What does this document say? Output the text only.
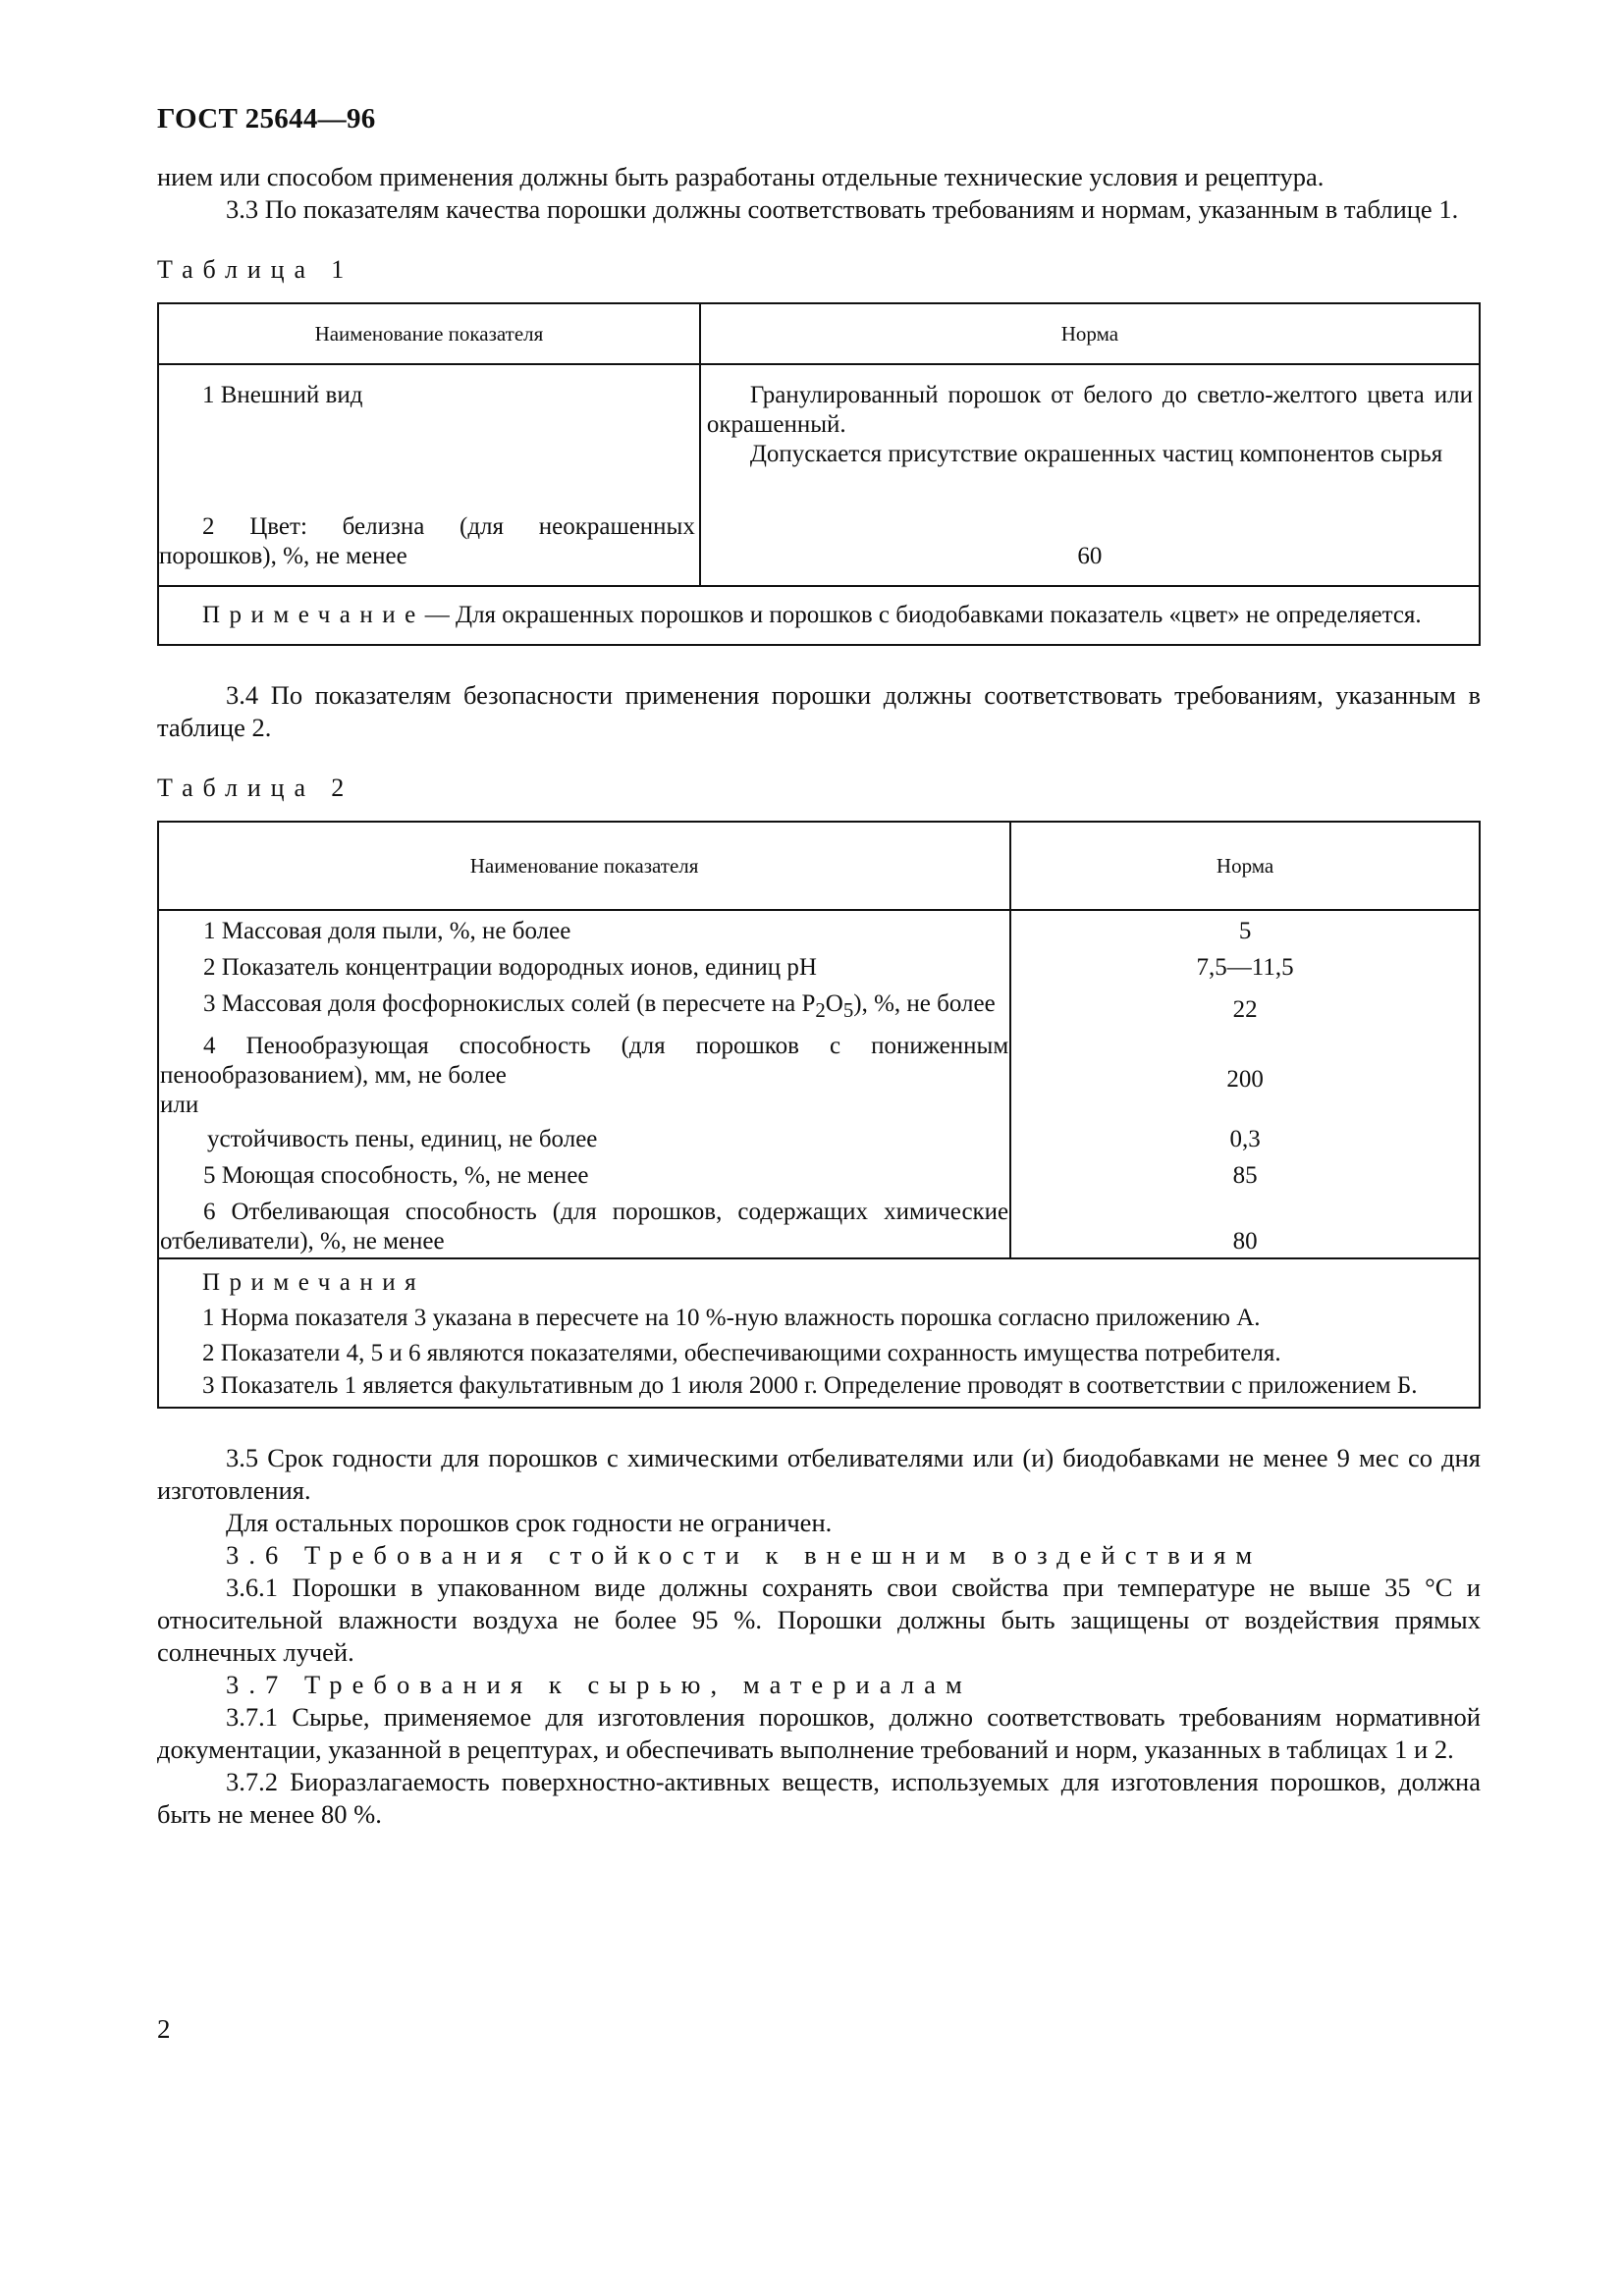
ГОСТ 25644—96

нием или способом применения должны быть разработаны отдельные технические условия и рецептура.

3.3 По показателям качества порошки должны соответствовать требованиям и нормам, указанным в таблице 1.

Таблица 1
Наименование показателя	Норма
1 Внешний вид	Гранулированный порошок от белого до светло-желтого цвета или окрашенный.
Допускается присутствие окрашенных частиц компонентов сырья

2 Цвет: белизна (для неокрашенных порошков), %, не менее	60

Примечание— Для окрашенных порошков и порошков с биодобавками показатель «цвет» не определяется.	

3.4 По показателям безопасности применения порошки должны соответствовать требованиям, указанным в таблице 2.

Таблица 2
Наименование показателя	Норма

1 Массовая доля пыли, %, не более	5

2 Показатель концентрации водородных ионов, единиц pH	7,5—11,5

3 Массовая доля фосфорнокислых солей (в пересчете на $P_2O_5$), %, не более	22

4 Пенообразующая способность (для порошков с пониженным пенообразованием), мм, не более
или	200

устойчивость пены, единиц, не более	0,3

5 Моющая способность, %, не менее	85

6 Отбеливающая способность (для порошков, содержащих химические отбеливатели), %, не менее	80

Примечания
1 Норма показателя 3 указана в пересчете на 10 %-ную влажность порошка согласно приложению А.
2 Показатели 4, 5 и 6 являются показателями, обеспечивающими сохранность имущества потребителя.
3 Показатель 1 является факультативным до 1 июля 2000 г. Определение проводят в соответствии с приложением Б.	

3.5 Срок годности для порошков с химическими отбеливателями или (и) биодобавками не менее 9 мес со дня изготовления.

Для остальных порошков срок годности не ограничен.

3.6 Требования стойкости к внешним воздействиям

3.6.1 Порошки в упакованном виде должны сохранять свои свойства при температуре не выше 35 °С и относительной влажности воздуха не более 95 %. Порошки должны быть защищены от воздействия прямых солнечных лучей.

3.7 Требования к сырью, материалам

3.7.1 Сырье, применяемое для изготовления порошков, должно соответствовать требованиям нормативной документации, указанной в рецептурах, и обеспечивать выполнение требований и норм, указанных в таблицах 1 и 2.

3.7.2 Биоразлагаемость поверхностно-активных веществ, используемых для изготовления порошков, должна быть не менее 80 %.

2
